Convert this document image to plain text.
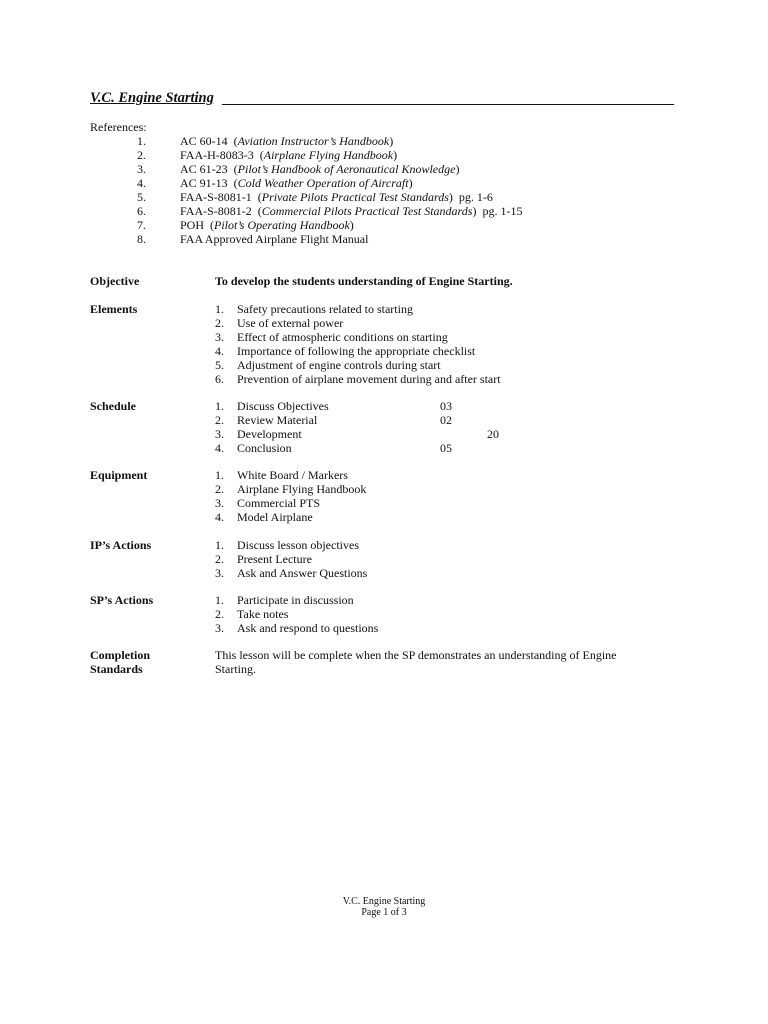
V.C. Engine Starting
References:
1.	AC 60-14  (Aviation Instructor’s Handbook)
2.	FAA-H-8083-3  (Airplane Flying Handbook)
3.	AC 61-23  (Pilot’s Handbook of Aeronautical Knowledge)
4.	AC 91-13  (Cold Weather Operation of Aircraft)
5.	FAA-S-8081-1  (Private Pilots Practical Test Standards)  pg. 1-6
6.	FAA-S-8081-2  (Commercial Pilots Practical Test Standards)  pg. 1-15
7.	POH  (Pilot’s Operating Handbook)
8.	FAA Approved Airplane Flight Manual
Objective	To develop the students understanding of Engine Starting.
Elements	1.	Safety precautions related to starting
2.	Use of external power
3.	Effect of atmospheric conditions on starting
4.	Importance of following the appropriate checklist
5.	Adjustment of engine controls during start
6.	Prevention of airplane movement during and after start
Schedule	1.	Discuss Objectives	03
2.	Review Material	02
3.	Development	20
4.	Conclusion	05
Equipment	1.	White Board / Markers
2.	Airplane Flying Handbook
3.	Commercial PTS
4.	Model Airplane
IP’s Actions	1.	Discuss lesson objectives
2.	Present Lecture
3.	Ask and Answer Questions
SP’s Actions	1.	Participate in discussion
2.	Take notes
3.	Ask and respond to questions
Completion
Standards
This lesson will be complete when the SP demonstrates an understanding of Engine Starting.
V.C. Engine Starting
Page 1 of 3
